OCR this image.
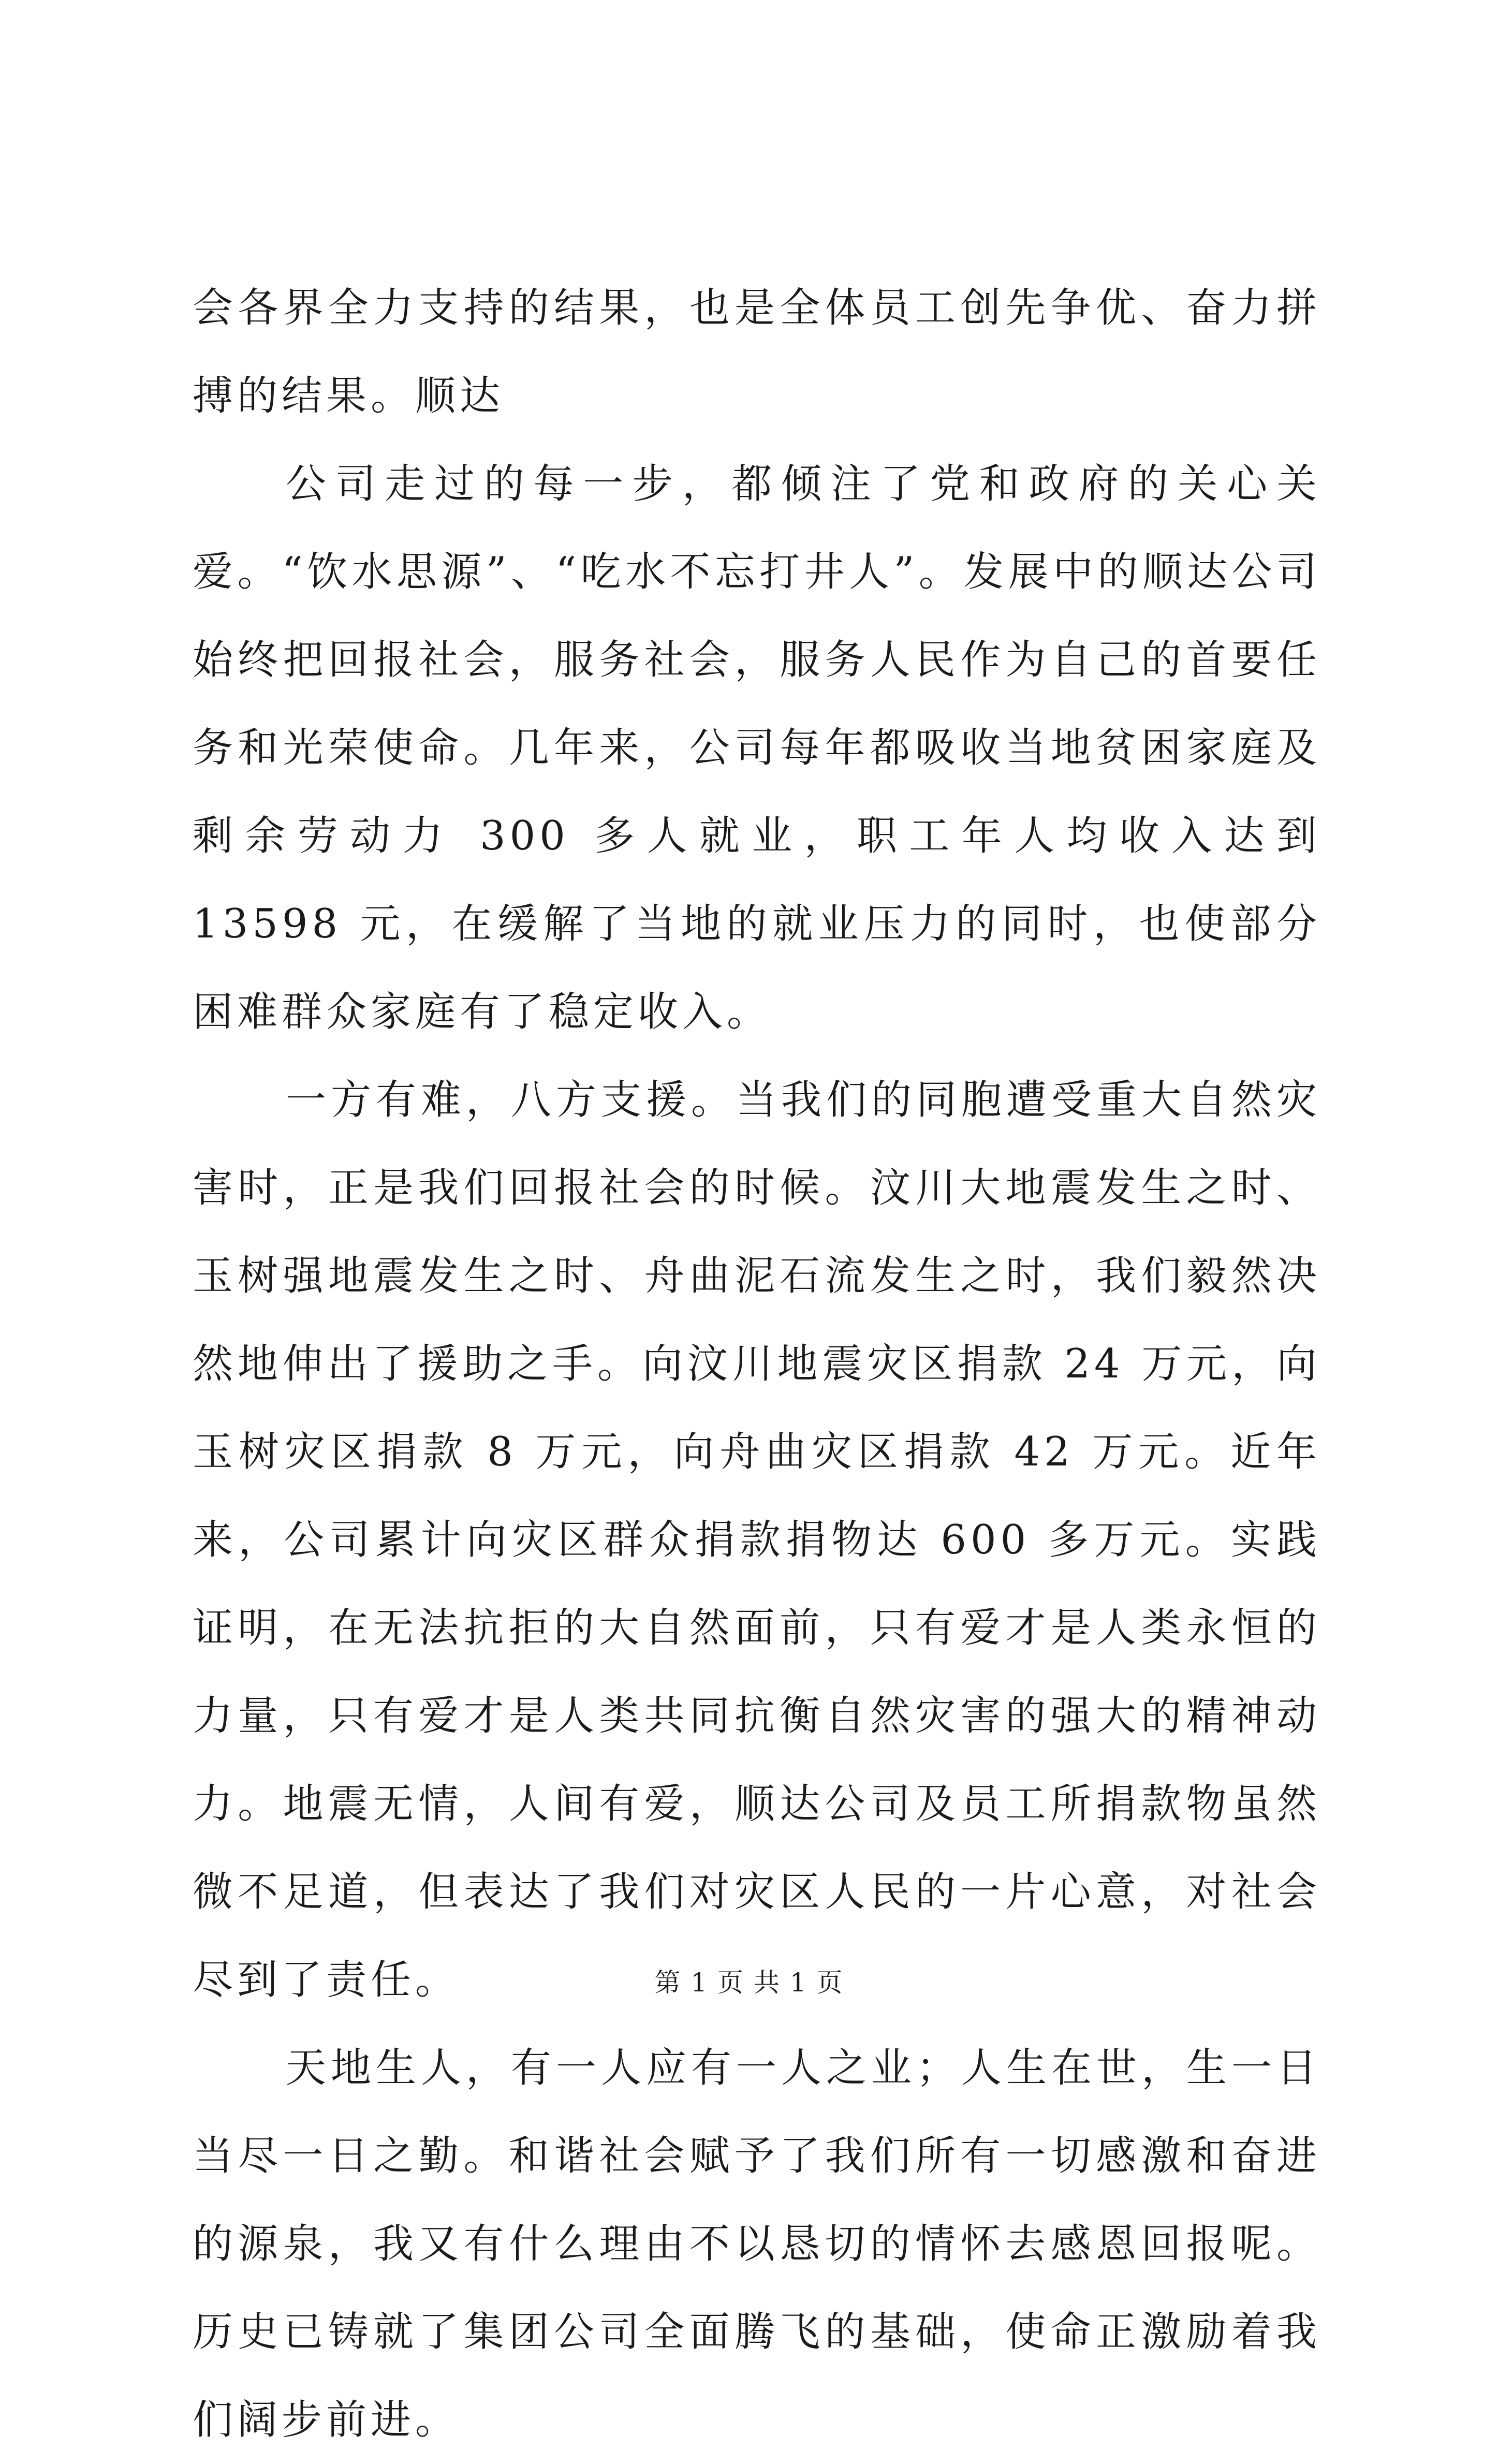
会各界全力支持的结果，也是全体员工创先争优、奋力拼搏的结果。顺达

公司走过的每一步，都倾注了党和政府的关心关爱。“饮水思源”、“吃水不忘打井人”。发展中的顺达公司始终把回报社会，服务社会，服务人民作为自己的首要任务和光荣使命。几年来，公司每年都吸收当地贫困家庭及剩余劳动力 300 多人就业，职工年人均收入达到 13598 元，在缓解了当地的就业压力的同时，也使部分困难群众家庭有了稳定收入。

一方有难，八方支援。当我们的同胞遭受重大自然灾害时，正是我们回报社会的时候。汶川大地震发生之时、玉树强地震发生之时、舟曲泥石流发生之时，我们毅然决然地伸出了援助之手。向汶川地震灾区捐款 24 万元，向玉树灾区捐款 8 万元，向舟曲灾区捐款 42 万元。近年来，公司累计向灾区群众捐款捐物达 600 多万元。实践证明，在无法抗拒的大自然面前，只有爱才是人类永恒的力量，只有爱才是人类共同抗衡自然灾害的强大的精神动力。地震无情，人间有爱，顺达公司及员工所捐款物虽然微不足道，但表达了我们对灾区人民的一片心意，对社会尽到了责任。

天地生人，有一人应有一人之业；人生在世，生一日当尽一日之勤。和谐社会赋予了我们所有一切感激和奋进的源泉，我又有什么理由不以恳切的情怀去感恩回报呢。历史已铸就了集团公司全面腾飞的基础，使命正激励着我们阔步前进。

第 1 页 共 1 页
